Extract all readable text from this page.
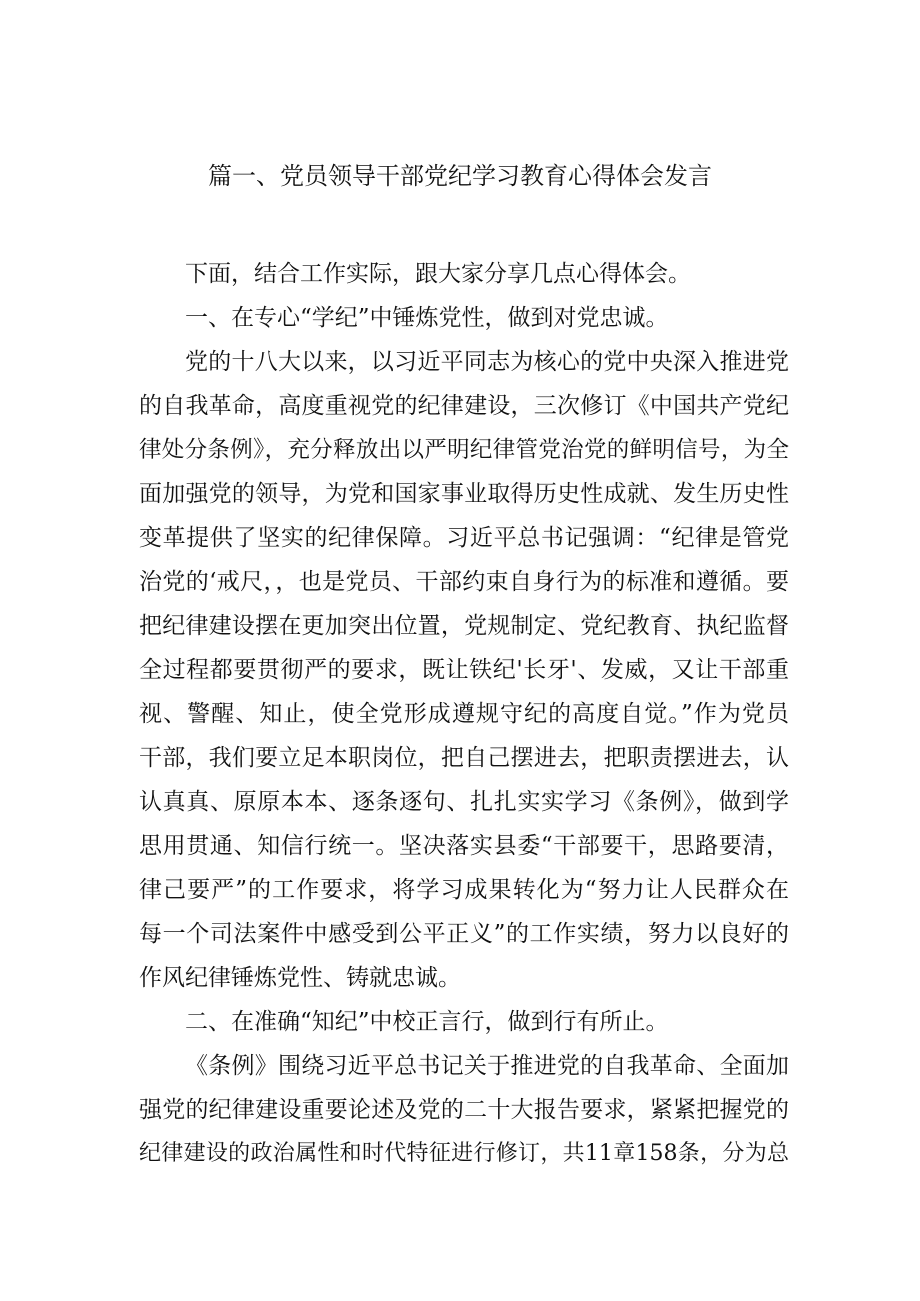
篇一、党员领导干部党纪学习教育心得体会发言
下面，结合工作实际，跟大家分享几点心得体会。
一、在专心“学纪”中锤炼党性，做到对党忠诚。
党的十八大以来，以习近平同志为核心的党中央深入推进党
的自我革命，高度重视党的纪律建设，三次修订《中国共产党纪
律处分条例》，充分释放出以严明纪律管党治党的鲜明信号，为全
面加强党的领导，为党和国家事业取得历史性成就、发生历史性
变革提供了坚实的纪律保障。习近平总书记强调：“纪律是管党
治党的‘戒尺，，也是党员、干部约束自身行为的标准和遵循。要
把纪律建设摆在更加突出位置，党规制定、党纪教育、执纪监督
全过程都要贯彻严的要求，既让铁纪'长牙'、发威，又让干部重
视、警醒、知止，使全党形成遵规守纪的高度自觉。”作为党员
干部，我们要立足本职岗位，把自己摆进去，把职责摆进去，认
认真真、原原本本、逐条逐句、扎扎实实学习《条例》，做到学
思用贯通、知信行统一。坚决落实县委“干部要干，思路要清，
律己要严”的工作要求，将学习成果转化为“努力让人民群众在
每一个司法案件中感受到公平正义”的工作实绩，努力以良好的
作风纪律锤炼党性、铸就忠诚。
二、在准确“知纪”中校正言行，做到行有所止。
《条例》围绕习近平总书记关于推进党的自我革命、全面加
强党的纪律建设重要论述及党的二十大报告要求，紧紧把握党的
纪律建设的政治属性和时代特征进行修订，共11章158条，分为总
